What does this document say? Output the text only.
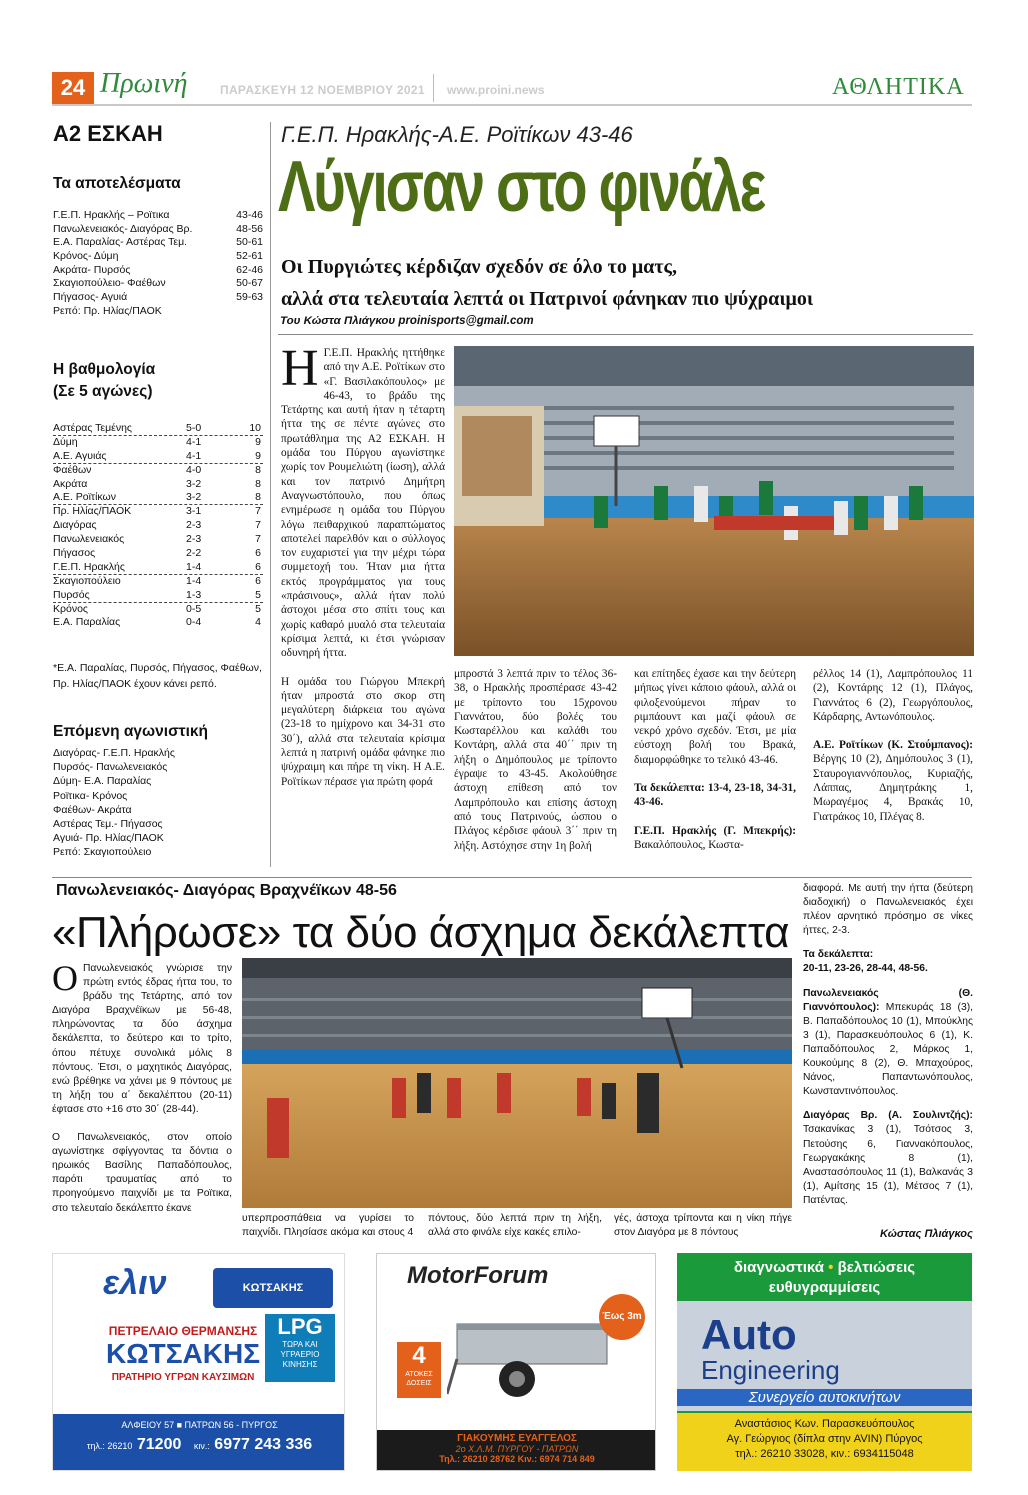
24 Πρωινή	ΠΑΡΑΣΚΕΥΗ 12 ΝΟΕΜΒΡΙΟΥ 2021 www.proini.news	ΑΘΛΗΤΙΚΑ
Α2 ΕΣΚΑΗ
Τα αποτελέσματα
Γ.Ε.Π. Ηρακλής – Ροϊτικα	43-46
Πανωλενειακός- Διαγόρας Βρ.	48-56
Ε.Α. Παραλίας- Αστέρας Τεμ.	50-61
Κρόνος- Δύμη	52-61
Ακράτα- Πυρσός	62-46
Σκαγιοπούλειο- Φαέθων	50-67
Πήγασος- Αγυιά	59-63
Ρεπό: Πρ. Ηλίας/ΠΑΟΚ
Η βαθμολογία
(Σε 5 αγώνες)
Αστέρας Τεμένης	5-0	10
Δύμη	4-1	9
Α.Ε. Αγυιάς	4-1	9
Φαέθων	4-0	8
Ακράτα	3-2	8
Α.Ε. Ροϊτίκων	3-2	8
Πρ. Ηλίας/ΠΑΟΚ	3-1	7
Διαγόρας	2-3	7
Πανωλενειακός	2-3	7
Πήγασος	2-2	6
Γ.Ε.Π. Ηρακλής	1-4	6
Σκαγιοπούλειο	1-4	6
Πυρσός	1-3	5
Κρόνος	0-5	5
Ε.Α. Παραλίας	0-4	4
*Ε.Α. Παραλίας, Πυρσός, Πήγασος, Φαέθων,
Πρ. Ηλίας/ΠΑΟΚ έχουν κάνει ρεπό.
Επόμενη αγωνιστική
Διαγόρας- Γ.Ε.Π. Ηρακλής
Πυρσός- Πανωλενειακός
Δύμη- Ε.Α. Παραλίας
Ροϊτικα- Κρόνος
Φαέθων- Ακράτα
Αστέρας Τεμ.- Πήγασος
Αγυιά- Πρ. Ηλίας/ΠΑΟΚ
Ρεπό: Σκαγιοπούλειο
Γ.Ε.Π. Ηρακλής-Α.Ε. Ροϊτίκων 43-46
Λύγισαν στο φινάλε
Οι Πυργιώτες κέρδιζαν σχεδόν σε όλο το ματς,
αλλά στα τελευταία λεπτά οι Πατρινοί φάνηκαν πιο ψύχραιμοι
Του Κώστα Πλιάγκου proinisports@gmail.com

Η Γ.Ε.Π. Ηρακλής ηττήθηκε από την Α.Ε. Ροϊτίκων στο «Γ. Βασιλακόπουλος» με 46-43, το βράδυ της Τετάρτης και αυτή ήταν η τέταρτη ήττα της σε πέντε αγώνες στο πρωτάθλημα της Α2 ΕΣΚΑΗ. Η ομάδα του Πύργου αγωνίστηκε χωρίς τον Ρουμελιώτη (ίωση), αλλά και τον πατρινό Δημήτρη Αναγνωστόπουλο, που όπως ενημέρωσε η ομάδα του Πύργου λόγω πειθαρχικού παραπτώματος αποτελεί παρελθόν και ο σύλλογος τον ευχαριστεί για την μέχρι τώρα συμμετοχή του. Ήταν μια ήττα εκτός προγράμματος για τους «πράσινους», αλλά ήταν πολύ άστοχοι μέσα στο σπίτι τους και χωρίς καθαρό μυαλό στα τελευταία κρίσιμα λεπτά, κι έτσι γνώρισαν οδυνηρή ήττα.

Η ομάδα του Γιώργου Μπεκρή ήταν μπροστά στο σκορ στη μεγαλύτερη διάρκεια του αγώνα (23-18 το ημίχρονο και 34-31 στο 30΄), αλλά στα τελευταία κρίσιμα λεπτά η πατρινή ομάδα φάνηκε πιο ψύχραιμη και πήρε τη νίκη. Η Α.Ε. Ροϊτίκων πέρασε για πρώτη φορά

μπροστά 3 λεπτά πριν το τέλος 36-38, ο Ηρακλής προσπέρασε 43-42 με τρίποντο του 15χρονου Γιαννάτου, δύο βολές του Κωσταρέλλου και καλάθι του Κοντάρη, αλλά στα 40΄΄ πριν τη λήξη ο Δημόπουλος με τρίποντο έγραψε το 43-45. Ακολούθησε άστοχη επίθεση από τον Λαμπρόπουλο και επίσης άστοχη από τους Πατρινούς, ώσπου ο Πλάγος κέρδισε φάουλ 3΄΄ πριν τη λήξη. Αστόχησε στην 1η βολή

και επίτηδες έχασε και την δεύτερη μήπως γίνει κάποιο φάουλ, αλλά οι φιλοξενούμενοι πήραν το ριμπάουντ και μαζί φάουλ σε νεκρό χρόνο σχεδόν. Έτσι, με μία εύστοχη βολή του Βρακά, διαμορφώθηκε το τελικό 43-46.

Τα δεκάλεπτα: 13-4, 23-18, 34-31, 43-46.

Γ.Ε.Π. Ηρακλής (Γ. Μπεκρής): Βακαλόπουλος, Κωστα-

ρέλλος 14 (1), Λαμπρόπουλος 11 (2), Κοντάρης 12 (1), Πλάγος, Γιαννάτος 6 (2), Γεωργόπουλος, Κάρδαρης, Αντωνόπουλος.

Α.Ε. Ροϊτίκων (Κ. Στούμπανος): Βέργης 10 (2), Δημόπουλος 3 (1), Σταυρογιαννόπουλος, Κυριαζής, Λάππας, Δημητράκης 1, Μωραγέμος 4, Βρακάς 10, Γιατράκος 10, Πλέγας 8.

Πανωλενειακός- Διαγόρας Βραχνέϊκων 48-56
«Πλήρωσε» τα δύο άσχημα δεκάλεπτα

Ο Πανωλενειακός γνώρισε την πρώτη εντός έδρας ήττα του, το βράδυ της Τετάρτης, από τον Διαγόρα Βραχνέϊκων με 56-48, πληρώνοντας τα δύο άσχημα δεκάλεπτα, το δεύτερο και το τρίτο, όπου πέτυχε συνολικά μόλις 8 πόντους. Έτσι, ο μαχητικός Διαγόρας, ενώ βρέθηκε να χάνει με 9 πόντους με τη λήξη του α΄ δεκαλέπτου (20-11) έφτασε στο +16 στο 30΄ (28-44).

Ο Πανωλενειακός, στον οποίο αγωνίστηκε σφίγγοντας τα δόντια ο ηρωικός Βασίλης Παπαδόπουλος, παρότι τραυματίας από το προηγούμενο παιχνίδι με τα Ροϊτικα, στο τελευταίο δεκάλεπτο έκανε

υπερπροσπάθεια να γυρίσει το παιχνίδι. Πλησίασε ακόμα και στους 4
πόντους, δύο λεπτά πριν τη λήξη, αλλά στο φινάλε είχε κακές επιλο-
γές, άστοχα τρίποντα και η νίκη πήγε στον Διαγόρα με 8 πόντους

διαφορά. Με αυτή την ήττα (δεύτερη διαδοχική) ο Πανωλενειακός έχει πλέον αρνητικό πρόσημο σε νίκες ήττες, 2-3.

Τα δεκάλεπτα:

20-11, 23-26, 28-44, 48-56.

Πανωλενειακός (Θ. Γιαννόπουλος): Μπεκυράς 18 (3), Β. Παπαδόπουλος 10 (1), Μπούκλης 3 (1), Παρασκευόπουλος 6 (1), Κ. Παπαδόπουλος 2, Μάρκος 1, Κουκούμης 8 (2), Θ. Μπαχούρος, Νάνος, Παπαντωνόπουλος, Κωνσταντινόπουλος.

Διαγόρας Βρ. (Α. Σουλιντζής): Τσακανίκας 3 (1), Τσότσος 3, Πετούσης 6, Γιαννακόπουλος, Γεωργακάκης 8 (1), Αναστασόπουλος 11 (1), Βαλκανάς 3 (1), Αμίτσης 15 (1), Μέτσος 7 (1), Πατέντας.

Κώστας Πλιάγκος
ελιν	ΚΩΤΣΑΚΗΣ
ΠΕΤΡΕΛΑΙΟ ΘΕΡΜΑΝΣΗΣ
ΚΩΤΣΑΚΗΣ
ΠΡΑΤΗΡΙΟ ΥΓΡΩΝ ΚΑΥΣΙΜΩΝ
LPG
ΤΩΡΑ ΚΑΙ
ΥΓΡΑΕΡΙΟ
ΚΙΝΗΣΗΣ
ΑΛΦΕΙΟΥ 57 ■ ΠΑΤΡΩΝ 56 - ΠΥΡΓΟΣ
τηλ.: 26210 71200 κιν.: 6977 243 336
MotorForum
4
ΑΤΟΚΕΣ ΔΟΣΕΙΣ
Έως 3m
ΓΙΑΚΟΥΜΗΣ ΕΥΑΓΓΕΛΟΣ
2ο Χ.Λ.Μ. ΠΥΡΓΟΥ - ΠΑΤΡΩΝ
Τηλ.: 26210 28762 Κιν.: 6974 714 849
διαγνωστικά • βελτιώσεις
ευθυγραμμίσεις
Auto
Engineering
Συνεργείο αυτοκινήτων
Αναστάσιος Κων. Παρασκευόπουλος
Αγ. Γεώργιος (δίπλα στην AVIN) Πύργος
τηλ.: 26210 33028, κιν.: 6934115048
